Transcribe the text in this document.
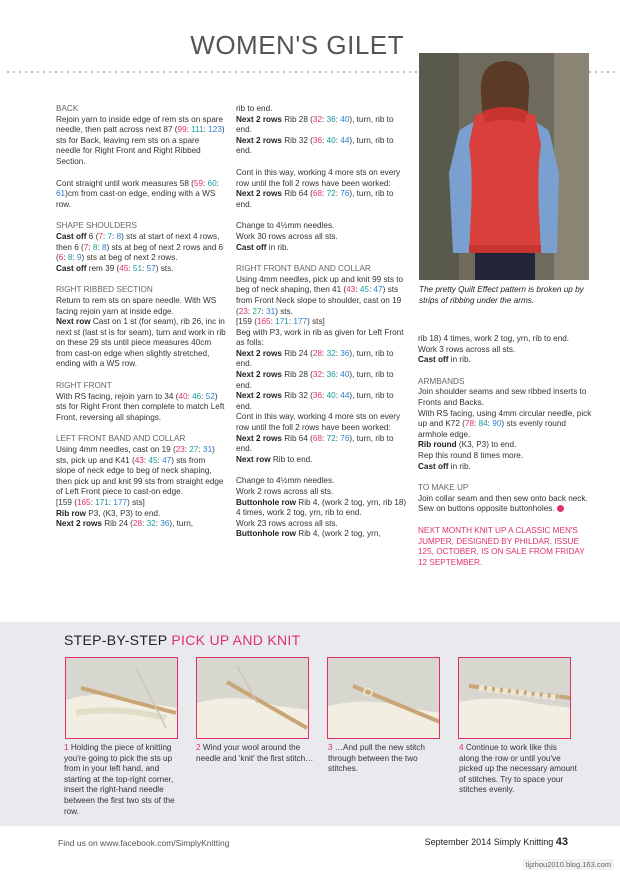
WOMEN'S GILET
BACK

Rejoin yarn to inside edge of rem sts on spare needle, then patt across next 87 (99: 111: 123) sts for Back, leaving rem sts on a spare needle for Right Front and Right Ribbed Section.

Cont straight until work measures 58 (59: 60: 61)cm from cast-on edge, ending with a WS row.

SHAPE SHOULDERS

Cast off 6 (7: 7: 8) sts at start of next 4 rows, then 6 (7: 8: 8) sts at beg of next 2 rows and 6 (6: 8: 9) sts at beg of next 2 rows.

Cast off rem 39 (45: 51: 57) sts.

RIGHT RIBBED SECTION

Return to rem sts on spare needle. With WS facing rejoin yarn at inside edge.
Next row Cast on 1 st (for seam), rib 26, inc in next st (last st is for seam), turn and work in rib on these 29 sts until piece measures 40cm from cast-on edge when slightly stretched, ending with a WS row.

RIGHT FRONT

With RS facing, rejoin yarn to 34 (40: 46: 52) sts for Right Front then complete to match Left Front, reversing all shapings.

LEFT FRONT BAND AND COLLAR

Using 4mm needles, cast on 19 (23: 27: 31) sts, pick up and K41 (43: 45: 47) sts from slope of neck edge to beg of neck shaping, then pick up and knit 99 sts from straight edge of Left Front piece to cast-on edge.
[159 (165: 171: 177) sts]
Rib row P3, (K3, P3) to end.
Next 2 rows Rib 24 (28: 32: 36), turn,

rib to end.
Next 2 rows Rib 28 (32: 36: 40), turn, rib to end.
Next 2 rows Rib 32 (36: 40: 44), turn, rib to end.

Cont in this way, working 4 more sts on every row until the foll 2 rows have been worked:
Next 2 rows Rib 64 (68: 72: 76), turn, rib to end.

Change to 4½mm needles.
Work 30 rows across all sts.
Cast off in rib.

RIGHT FRONT BAND AND COLLAR

Using 4mm needles, pick up and knit 99 sts to beg of neck shaping, then 41 (43: 45: 47) sts from Front Neck slope to shoulder, cast on 19 (23: 27: 31) sts.
[159 (165: 171: 177) sts]
Beg with P3, work in rib as given for Left Front as folls:
Next 2 rows Rib 24 (28: 32: 36), turn, rib to end.
Next 2 rows Rib 28 (32: 36: 40), turn, rib to end.
Next 2 rows Rib 32 (36: 40: 44), turn, rib to end.
Cont in this way, working 4 more sts on every row until the foll 2 rows have been worked:
Next 2 rows Rib 64 (68: 72: 76), turn, rib to end.
Next row Rib to end.

Change to 4½mm needles.
Work 2 rows across all sts.
Buttonhole row Rib 4, (work 2 tog, yrn, rib 18) 4 times, work 2 tog, yrn, rib to end.
Work 23 rows across all sts.
Buttonhole row Rib 4, (work 2 tog, yrn,

The pretty Quilt Effect pattern is broken up by strips of ribbing under the arms.

rib 18) 4 times, work 2 tog, yrn, rib to end.
Work 3 rows across all sts.
Cast off in rib.

ARMBANDS

Join shoulder seams and sew ribbed inserts to Fronts and Backs.
With RS facing, using 4mm circular needle, pick up and K72 (78: 84: 90) sts evenly round armhole edge.
Rib round (K3, P3) to end.
Rep this round 8 times more.
Cast off in rib.

TO MAKE UP

Join collar seam and then sew onto back neck. Sew on buttons opposite buttonholes.

NEXT MONTH KNIT UP A CLASSIC MEN'S JUMPER, DESIGNED BY PHILDAR. ISSUE 125, OCTOBER, IS ON SALE FROM FRIDAY 12 SEPTEMBER.

STEP-BY-STEP PICK UP AND KNIT

1 Holding the piece of knitting you're going to pick the sts up from in your left hand, and starting at the top-right corner, insert the right-hand needle between the first two sts of the row.

2 Wind your wool around the needle and 'knit' the first stitch…

3 …And pull the new stitch through between the two stitches.

4 Continue to work like this along the row or until you've picked up the necessary amount of stitches. Try to space your stitches evenly.

Find us on www.facebook.com/SimplyKnitting	September 2014 Simply Knitting 43
tijzhou2010.blog.163.com
